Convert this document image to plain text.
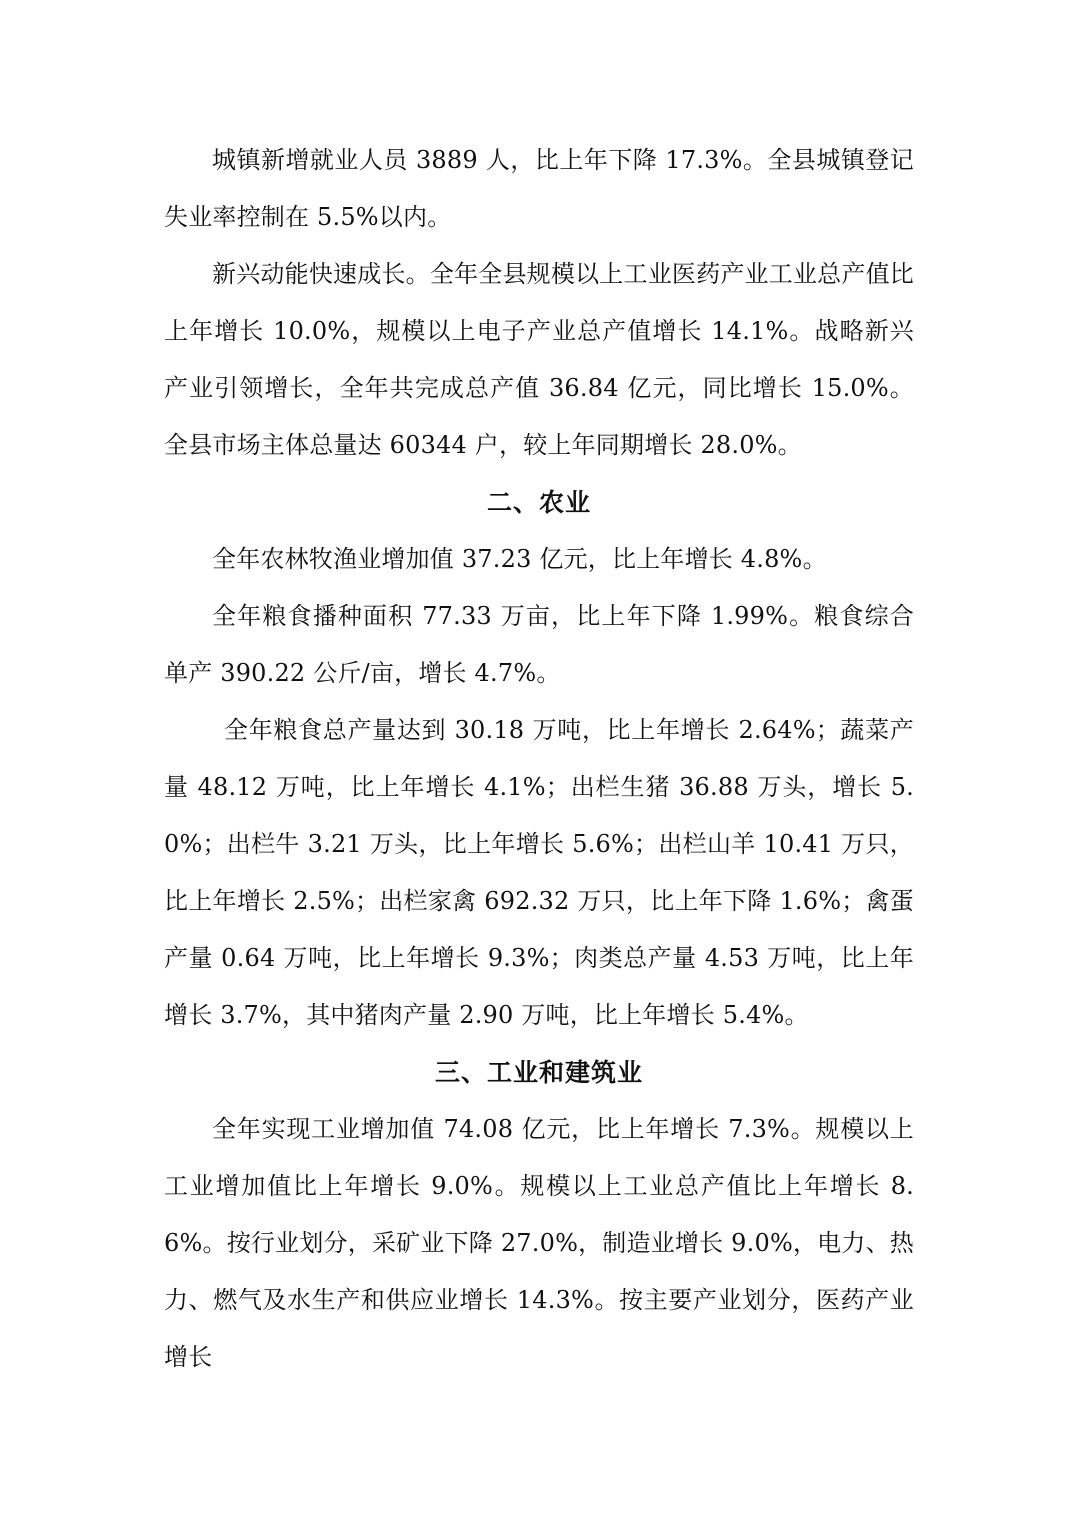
城镇新增就业人员 3889 人，比上年下降 17.3%。全县城镇登记失业率控制在 5.5%以内。

新兴动能快速成长。全年全县规模以上工业医药产业工业总产值比上年增长 10.0%，规模以上电子产业总产值增长 14.1%。战略新兴产业引领增长，全年共完成总产值 36.84 亿元，同比增长 15.0%。全县市场主体总量达 60344 户，较上年同期增长 28.0%。

二、农业

全年农林牧渔业增加值 37.23 亿元，比上年增长 4.8%。

全年粮食播种面积 77.33 万亩，比上年下降 1.99%。粮食综合单产 390.22 公斤/亩，增长 4.7%。

全年粮食总产量达到 30.18 万吨，比上年增长 2.64%；蔬菜产量 48.12 万吨，比上年增长 4.1%；出栏生猪 36.88 万头，增长 5.0%；出栏牛 3.21 万头，比上年增长 5.6%；出栏山羊 10.41 万只，比上年增长 2.5%；出栏家禽 692.32 万只，比上年下降 1.6%；禽蛋产量 0.64 万吨，比上年增长 9.3%；肉类总产量 4.53 万吨，比上年增长 3.7%，其中猪肉产量 2.90 万吨，比上年增长 5.4%。

三、工业和建筑业

全年实现工业增加值 74.08 亿元，比上年增长 7.3%。规模以上工业增加值比上年增长 9.0%。规模以上工业总产值比上年增长 8.6%。按行业划分，采矿业下降 27.0%，制造业增长 9.0%，电力、热力、燃气及水生产和供应业增长 14.3%。按主要产业划分，医药产业增长
